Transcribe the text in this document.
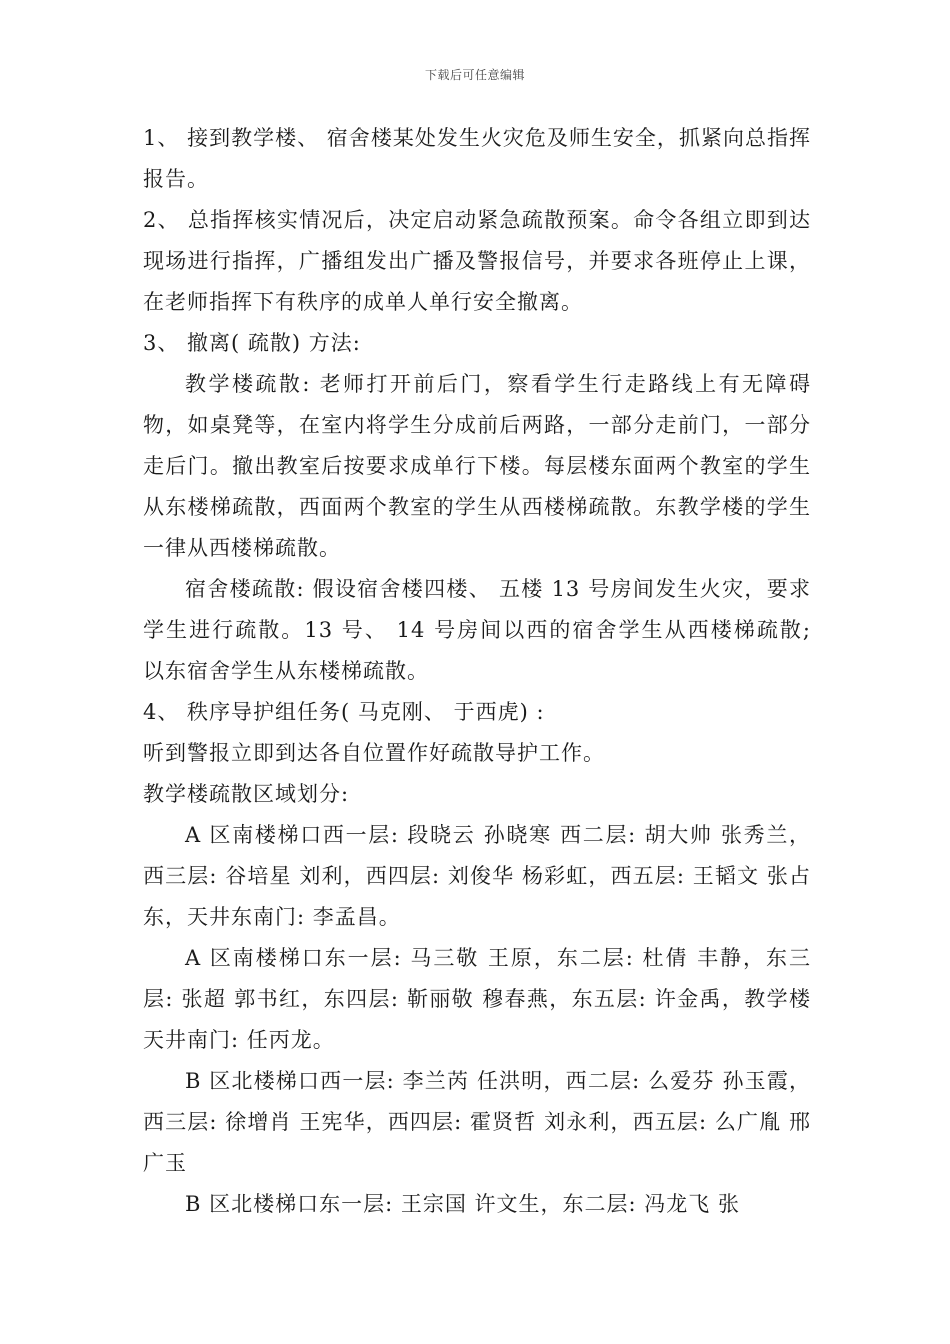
下载后可任意编辑

1、 接到教学楼、 宿舍楼某处发生火灾危及师生安全，抓紧向总指挥报告。

2、 总指挥核实情况后，决定启动紧急疏散预案。命令各组立即到达现场进行指挥，广播组发出广播及警报信号，并要求各班停止上课，在老师指挥下有秩序的成单人单行安全撤离。

3、 撤离( 疏散) 方法:

教学楼疏散: 老师打开前后门，察看学生行走路线上有无障碍物，如桌凳等，在室内将学生分成前后两路，一部分走前门，一部分走后门。撤出教室后按要求成单行下楼。每层楼东面两个教室的学生从东楼梯疏散，西面两个教室的学生从西楼梯疏散。东教学楼的学生一律从西楼梯疏散。

宿舍楼疏散: 假设宿舍楼四楼、 五楼 13 号房间发生火灾，要求学生进行疏散。13 号、 14 号房间以西的宿舍学生从西楼梯疏散; 以东宿舍学生从东楼梯疏散。

4、 秩序导护组任务( 马克刚、 于西虎) :

听到警报立即到达各自位置作好疏散导护工作。

教学楼疏散区域划分:

A 区南楼梯口西一层: 段晓云 孙晓寒 西二层: 胡大帅 张秀兰，西三层: 谷培星 刘利，西四层: 刘俊华 杨彩虹，西五层: 王韬文 张占东，天井东南门: 李孟昌。

A 区南楼梯口东一层: 马三敬 王原，东二层: 杜倩 丰静，东三层: 张超 郭书红，东四层: 靳丽敬 穆春燕，东五层: 许金禹，教学楼天井南门: 任丙龙。

B 区北楼梯口西一层: 李兰芮 任洪明，西二层: 么爱芬 孙玉霞，西三层: 徐增肖 王宪华，西四层: 霍贤哲 刘永利，西五层: 么广胤 邢广玉

B 区北楼梯口东一层: 王宗国 许文生，东二层: 冯龙飞 张
